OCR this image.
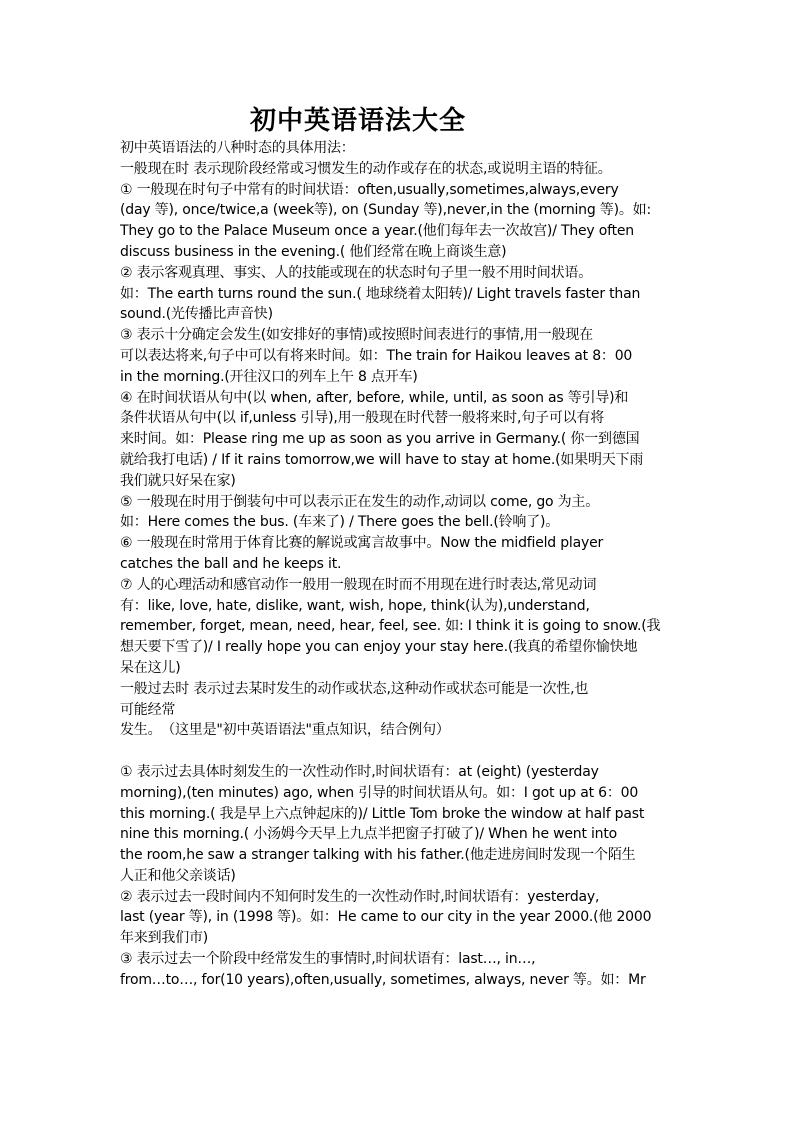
初中英语语法大全
初中英语语法的八种时态的具体用法：
一般现在时 表示现阶段经常或习惯发生的动作或存在的状态,或说明主语的特征。
① 一般现在时句子中常有的时间状语：often,usually,sometimes,always,every
(day 等), once/twice,a (week等), on (Sunday 等),never,in the (morning 等)。如:
They go to the Palace Museum once a year.(他们每年去一次故宫)/ They often
discuss business in the evening.( 他们经常在晚上商谈生意)
② 表示客观真理、事实、人的技能或现在的状态时句子里一般不用时间状语。
如：The earth turns round the sun.( 地球绕着太阳转)/ Light travels faster than
sound.(光传播比声音快)
③ 表示十分确定会发生(如安排好的事情)或按照时间表进行的事情,用一般现在
可以表达将来,句子中可以有将来时间。如：The train for Haikou leaves at 8：00
in the morning.(开往汉口的列车上午 8 点开车)
④ 在时间状语从句中(以 when, after, before, while, until, as soon as 等引导)和
条件状语从句中(以 if,unless 引导),用一般现在时代替一般将来时,句子可以有将
来时间。如：Please ring me up as soon as you arrive in Germany.( 你一到德国
就给我打电话) / If it rains tomorrow,we will have to stay at home.(如果明天下雨
我们就只好呆在家)
⑤ 一般现在时用于倒装句中可以表示正在发生的动作,动词以 come, go 为主。
如：Here comes the bus. (车来了) / There goes the bell.(铃响了)。
⑥ 一般现在时常用于体育比赛的解说或寓言故事中。Now the midfield player
catches the ball and he keeps it.
⑦ 人的心理活动和感官动作一般用一般现在时而不用现在进行时表达,常见动词
有：like, love, hate, dislike, want, wish, hope, think(认为),understand,
remember, forget, mean, need, hear, feel, see. 如: I think it is going to snow.(我
想天要下雪了)/ I really hope you can enjoy your stay here.(我真的希望你愉快地
呆在这儿)
一般过去时 表示过去某时发生的动作或状态,这种动作或状态可能是一次性,也
可能经常
发生。　（这里是"初中英语语法"重点知识，结合例句）
① 表示过去具体时刻发生的一次性动作时,时间状语有：at (eight) (yesterday
morning),(ten minutes) ago, when 引导的时间状语从句。如：I got up at 6：00
this morning.( 我是早上六点钟起床的)/ Little Tom broke the window at half past
nine this morning.( 小汤姆今天早上九点半把窗子打破了)/ When he went into
the room,he saw a stranger talking with his father.(他走进房间时发现一个陌生
人正和他父亲谈话)
② 表示过去一段时间内不知何时发生的一次性动作时,时间状语有：yesterday,
last (year 等), in (1998 等)。如：He came to our city in the year 2000.(他 2000
年来到我们市)
③ 表示过去一个阶段中经常发生的事情时,时间状语有：last…, in…,
from…to…, for(10 years),often,usually, sometimes, always, never 等。如：Mr
